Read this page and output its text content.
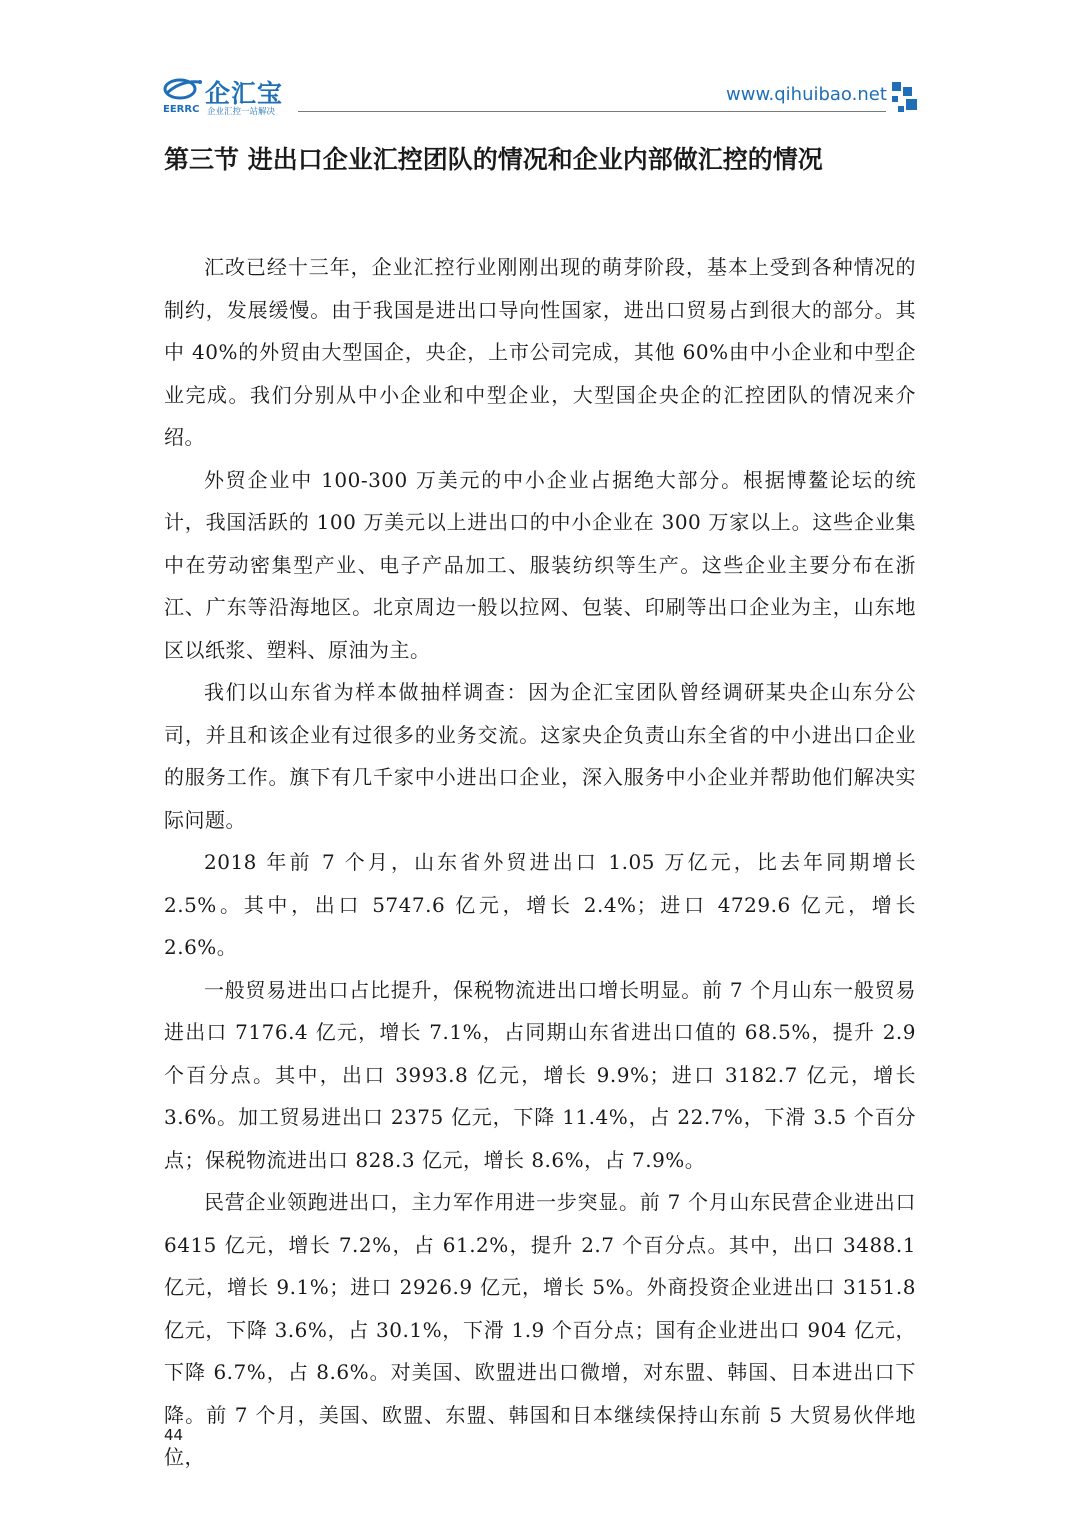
企汇宝
EERRC 企业汇控一站解决
www.qihuibao.net
第三节 进出口企业汇控团队的情况和企业内部做汇控的情况

汇改已经十三年，企业汇控行业刚刚出现的萌芽阶段，基本上受到各种情况的制约，发展缓慢。由于我国是进出口导向性国家，进出口贸易占到很大的部分。其中 40%的外贸由大型国企，央企，上市公司完成，其他 60%由中小企业和中型企业完成。我们分别从中小企业和中型企业，大型国企央企的汇控团队的情况来介绍。

外贸企业中 100-300 万美元的中小企业占据绝大部分。根据博鳌论坛的统计，我国活跃的 100 万美元以上进出口的中小企业在 300 万家以上。这些企业集中在劳动密集型产业、电子产品加工、服装纺织等生产。这些企业主要分布在浙江、广东等沿海地区。北京周边一般以拉网、包装、印刷等出口企业为主，山东地区以纸浆、塑料、原油为主。

我们以山东省为样本做抽样调查：因为企汇宝团队曾经调研某央企山东分公司，并且和该企业有过很多的业务交流。这家央企负责山东全省的中小进出口企业的服务工作。旗下有几千家中小进出口企业，深入服务中小企业并帮助他们解决实际问题。

2018 年前 7 个月，山东省外贸进出口 1.05 万亿元，比去年同期增长 2.5%。其中，出口 5747.6 亿元，增长 2.4%；进口 4729.6 亿元，增长 2.6%。

一般贸易进出口占比提升，保税物流进出口增长明显。前 7 个月山东一般贸易进出口 7176.4 亿元，增长 7.1%，占同期山东省进出口值的 68.5%，提升 2.9 个百分点。其中，出口 3993.8 亿元，增长 9.9%；进口 3182.7 亿元，增长 3.6%。加工贸易进出口 2375 亿元，下降 11.4%，占 22.7%，下滑 3.5 个百分点；保税物流进出口 828.3 亿元，增长 8.6%，占 7.9%。

民营企业领跑进出口，主力军作用进一步突显。前 7 个月山东民营企业进出口 6415 亿元，增长 7.2%，占 61.2%，提升 2.7 个百分点。其中，出口 3488.1 亿元，增长 9.1%；进口 2926.9 亿元，增长 5%。外商投资企业进出口 3151.8 亿元，下降 3.6%，占 30.1%，下滑 1.9 个百分点；国有企业进出口 904 亿元，下降 6.7%，占 8.6%。对美国、欧盟进出口微增，对东盟、韩国、日本进出口下降。前 7 个月，美国、欧盟、东盟、韩国和日本继续保持山东前 5 大贸易伙伴地位，

44
